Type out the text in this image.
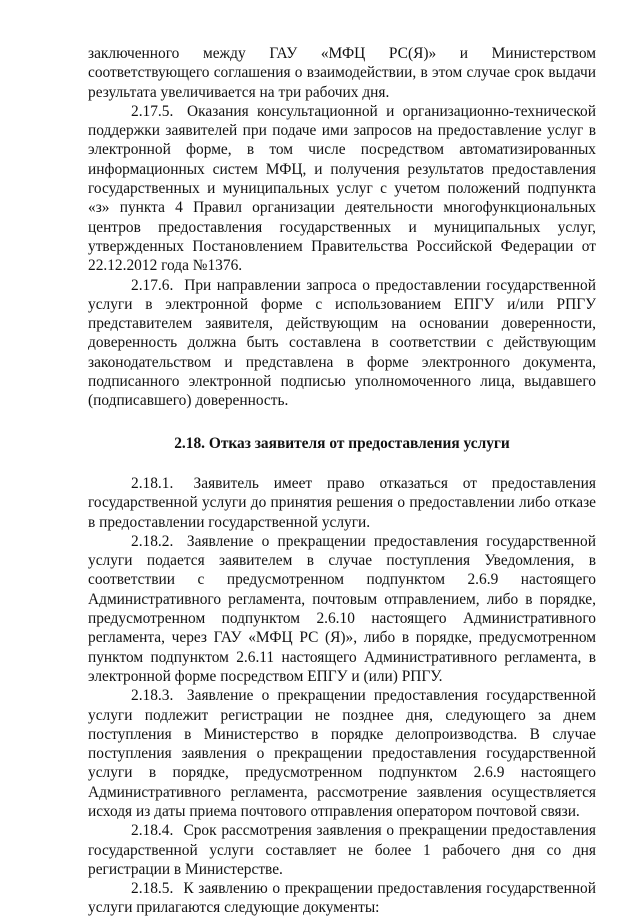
заключенного между ГАУ «МФЦ РС(Я)» и Министерством соответствующего соглашения о взаимодействии, в этом случае срок выдачи результата увеличивается на три рабочих дня.

2.17.5. Оказания консультационной и организационно-технической поддержки заявителей при подаче ими запросов на предоставление услуг в электронной форме, в том числе посредством автоматизированных информационных систем МФЦ, и получения результатов предоставления государственных и муниципальных услуг с учетом положений подпункта «з» пункта 4 Правил организации деятельности многофункциональных центров предоставления государственных и муниципальных услуг, утвержденных Постановлением Правительства Российской Федерации от 22.12.2012 года №1376.

2.17.6. При направлении запроса о предоставлении государственной услуги в электронной форме с использованием ЕПГУ и/или РПГУ представителем заявителя, действующим на основании доверенности, доверенность должна быть составлена в соответствии с действующим законодательством и представлена в форме электронного документа, подписанного электронной подписью уполномоченного лица, выдавшего (подписавшего) доверенность.

2.18. Отказ заявителя от предоставления услуги

2.18.1. Заявитель имеет право отказаться от предоставления государственной услуги до принятия решения о предоставлении либо отказе в предоставлении государственной услуги.

2.18.2. Заявление о прекращении предоставления государственной услуги подается заявителем в случае поступления Уведомления, в соответствии с предусмотренном подпунктом 2.6.9 настоящего Административного регламента, почтовым отправлением, либо в порядке, предусмотренном подпунктом 2.6.10 настоящего Административного регламента, через ГАУ «МФЦ РС (Я)», либо в порядке, предусмотренном пунктом подпунктом 2.6.11 настоящего Административного регламента, в электронной форме посредством ЕПГУ и (или) РПГУ.

2.18.3. Заявление о прекращении предоставления государственной услуги подлежит регистрации не позднее дня, следующего за днем поступления в Министерство в порядке делопроизводства. В случае поступления заявления о прекращении предоставления государственной услуги в порядке, предусмотренном подпунктом 2.6.9 настоящего Административного регламента, рассмотрение заявления осуществляется исходя из даты приема почтового отправления оператором почтовой связи.

2.18.4. Срок рассмотрения заявления о прекращении предоставления государственной услуги составляет не более 1 рабочего дня со дня регистрации в Министерстве.

2.18.5. К заявлению о прекращении предоставления государственной услуги прилагаются следующие документы:
